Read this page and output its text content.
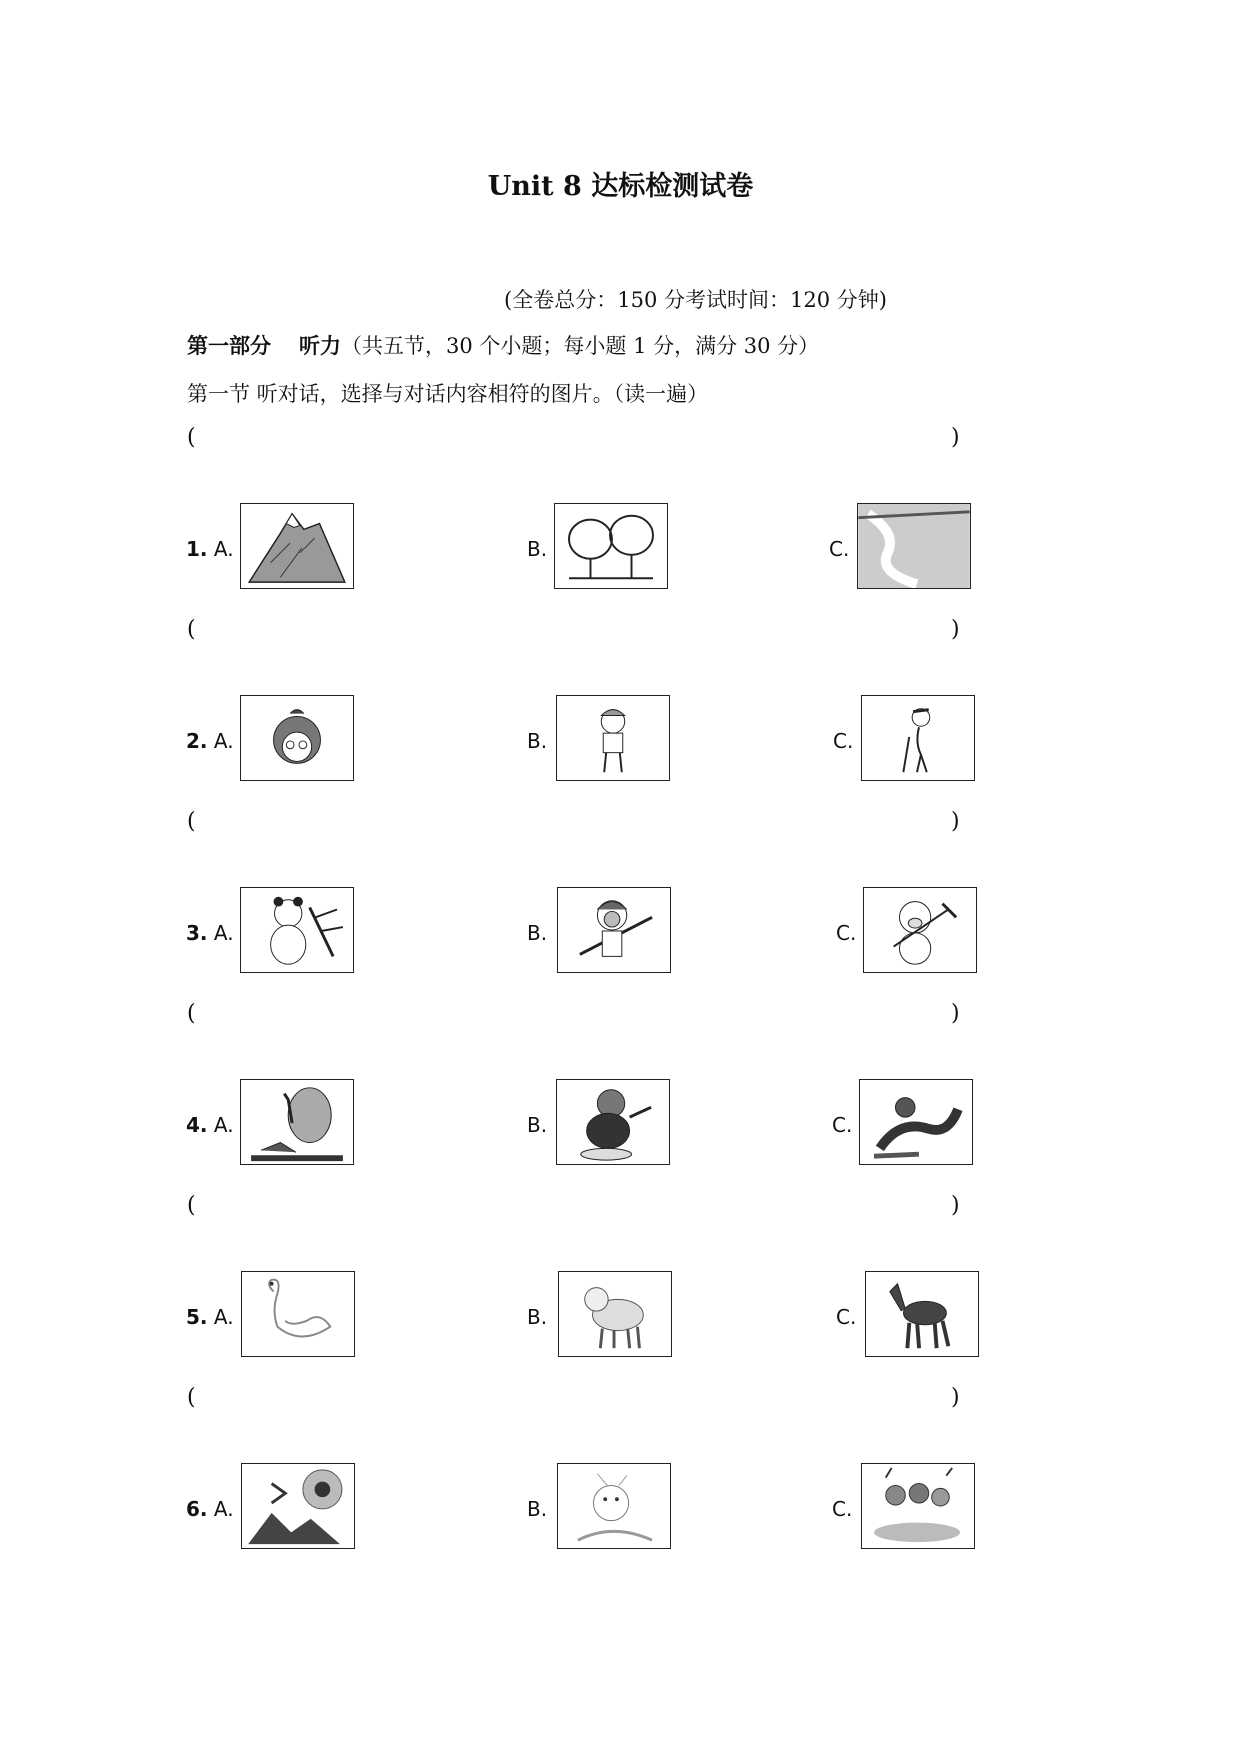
Unit 8 达标检测试卷
(全卷总分：150 分考试时间：120 分钟)
第一部分 听力（共五节，30 个小题；每小题 1 分，满分 30 分）
第一节 听对话，选择与对话内容相符的图片。（读一遍）
(	)
(	)
(	)
(	)
(	)
(	)
1. A.	B.	C.
2. A.	B.	C.
3. A.	B.	C.
4. A.	B.	C.
5. A.	B.	C.
6. A.	B.	C.
